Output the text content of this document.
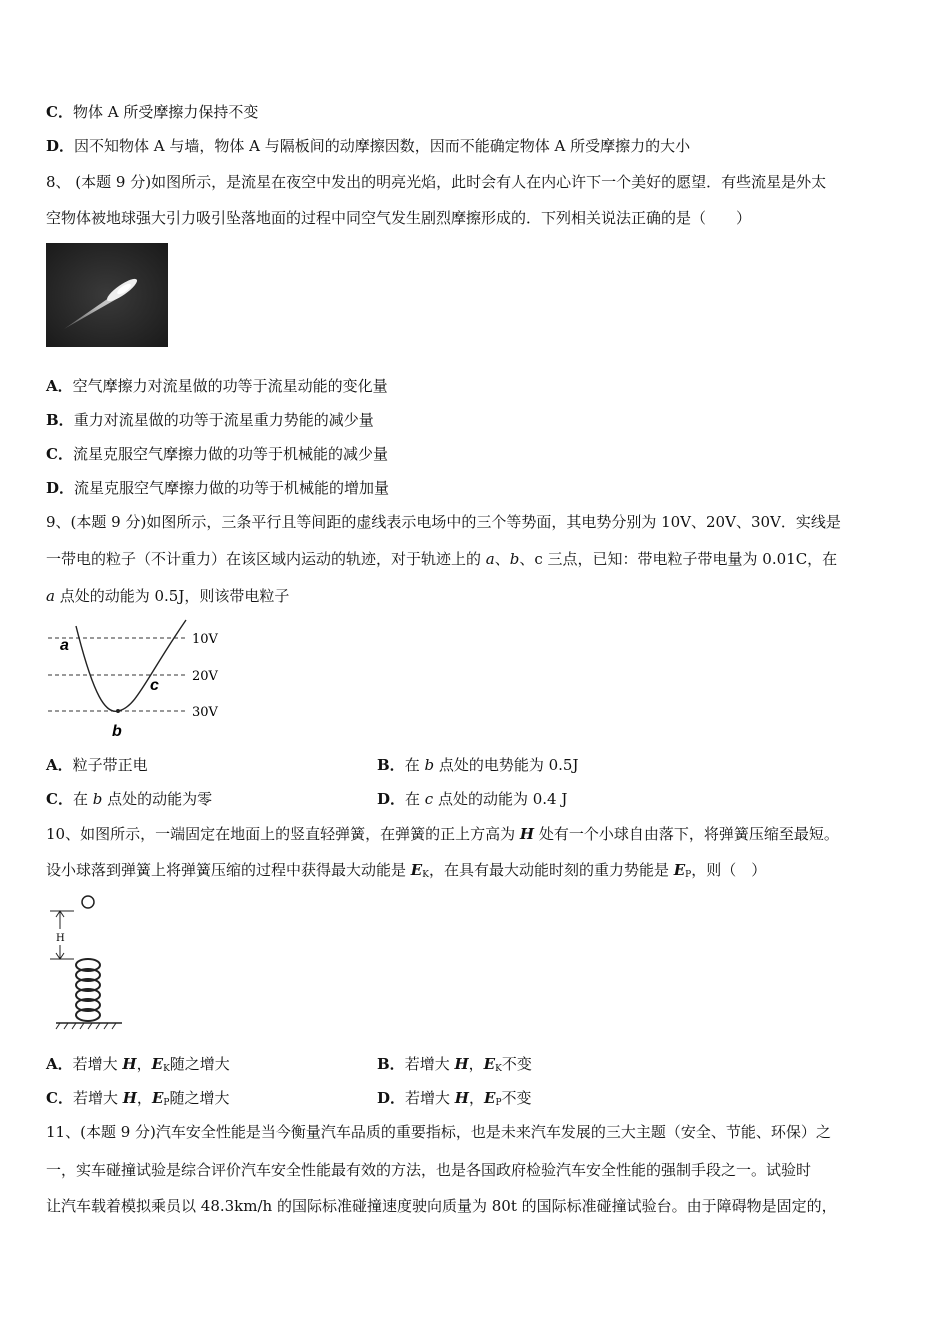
C．物体 A 所受摩擦力保持不变
D．因不知物体 A 与墙，物体 A 与隔板间的动摩擦因数，因而不能确定物体 A 所受摩擦力的大小
8、 (本题 9 分)如图所示，是流星在夜空中发出的明亮光焰，此时会有人在内心许下一个美好的愿望．有些流星是外太
空物体被地球强大引力吸引坠落地面的过程中同空气发生剧烈摩擦形成的．下列相关说法正确的是（　　）
A．空气摩擦力对流星做的功等于流星动能的变化量
B．重力对流星做的功等于流星重力势能的减少量
C．流星克服空气摩擦力做的功等于机械能的减少量
D．流星克服空气摩擦力做的功等于机械能的增加量
9、(本题 9 分)如图所示，三条平行且等间距的虚线表示电场中的三个等势面，其电势分别为 10V、20V、30V．实线是
一带电的粒子（不计重力）在该区域内运动的轨迹，对于轨迹上的 a、b、c 三点，已知：带电粒子带电量为 0.01C，在
a 点处的动能为 0.5J，则该带电粒子
a
b
c
10V
20V
30V
A．粒子带正电	B．在 b 点处的电势能为 0.5J
C．在 b 点处的动能为零	D．在 c 点处的动能为 0.4 J
10、如图所示，一端固定在地面上的竖直轻弹簧，在弹簧的正上方高为 H 处有一个小球自由落下，将弹簧压缩至最短。
设小球落到弹簧上将弹簧压缩的过程中获得最大动能是 $E_K$，在具有最大动能时刻的重力势能是 $E_P$，则（　）
H
A．若增大 H，$E_K$随之增大	B．若增大 H，$E_K$不变
C．若增大 H，$E_P$随之增大	D．若增大 H，$E_P$不变
11、(本题 9 分)汽车安全性能是当今衡量汽车品质的重要指标，也是未来汽车发展的三大主题（安全、节能、环保）之
一，实车碰撞试验是综合评价汽车安全性能最有效的方法，也是各国政府检验汽车安全性能的强制手段之一。试验时
让汽车载着模拟乘员以 48.3km/h 的国际标准碰撞速度驶向质量为 80t 的国际标准碰撞试验台。由于障碍物是固定的，
